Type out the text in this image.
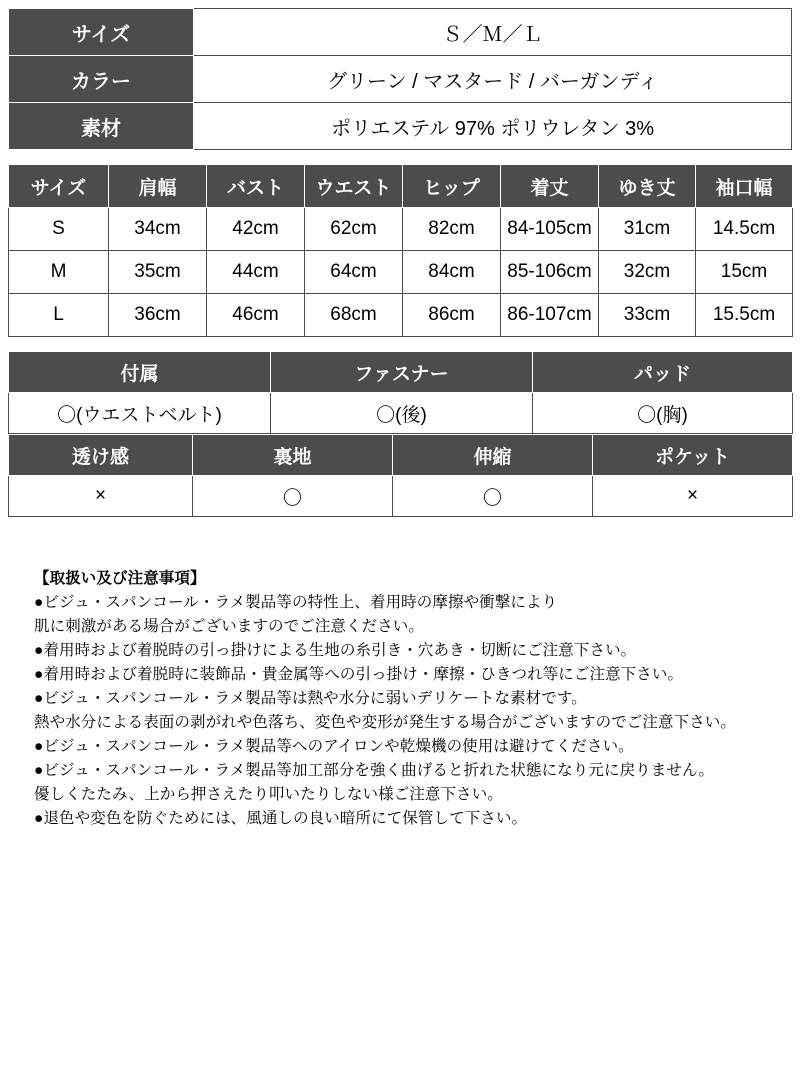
サイズ	Ｓ／Ｍ／Ｌ
カラー	グリーン / マスタード / バーガンディ
素材	ポリエステル 97% ポリウレタン 3%
サイズ	肩幅	バスト	ウエスト	ヒップ	着丈	ゆき丈	袖口幅
S	34cm	42cm	62cm	82cm	84-105cm	31cm	14.5cm
M	35cm	44cm	64cm	84cm	85-106cm	32cm	15cm
L	36cm	46cm	68cm	86cm	86-107cm	33cm	15.5cm
付属	ファスナー	パッド
〇(ウエストベルト)	〇(後)	〇(胸)
透け感	裏地	伸縮	ポケット
×	〇	〇	×
【取扱い及び注意事項】
●ビジュ・スパンコール・ラメ製品等の特性上、着用時の摩擦や衝撃により
肌に刺激がある場合がございますのでご注意ください。
●着用時および着脱時の引っ掛けによる生地の糸引き・穴あき・切断にご注意下さい。
●着用時および着脱時に装飾品・貴金属等への引っ掛け・摩擦・ひきつれ等にご注意下さい。
●ビジュ・スパンコール・ラメ製品等は熱や水分に弱いデリケートな素材です。
熱や水分による表面の剥がれや色落ち、変色や変形が発生する場合がございますのでご注意下さい。
●ビジュ・スパンコール・ラメ製品等へのアイロンや乾燥機の使用は避けてください。
●ビジュ・スパンコール・ラメ製品等加工部分を強く曲げると折れた状態になり元に戻りません。
優しくたたみ、上から押さえたり叩いたりしない様ご注意下さい。
●退色や変色を防ぐためには、風通しの良い暗所にて保管して下さい。
